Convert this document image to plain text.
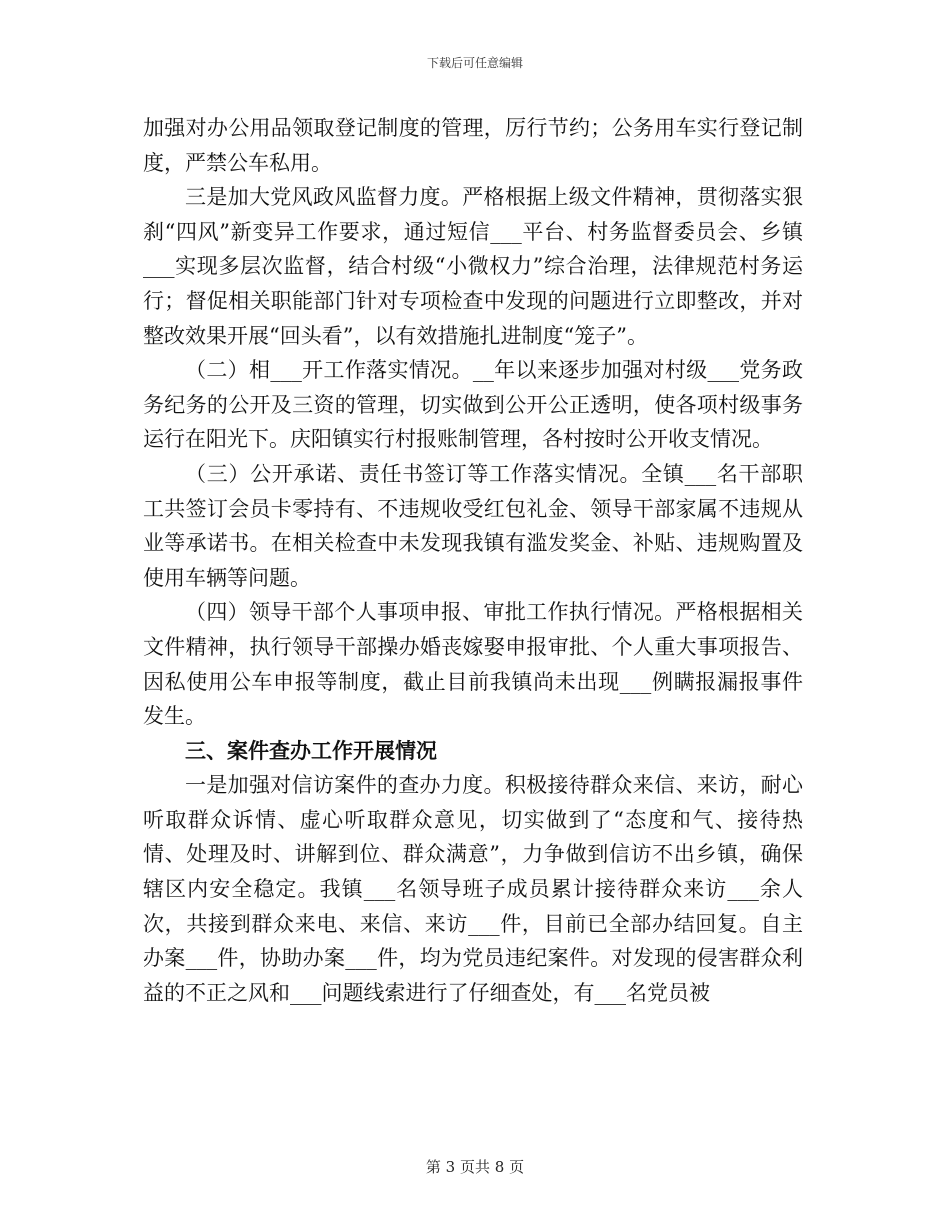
下载后可任意编辑

加强对办公用品领取登记制度的管理，厉行节约；公务用车实行登记制度，严禁公车私用。

三是加大党风政风监督力度。严格根据上级文件精神，贯彻落实狠刹“四风”新变异工作要求，通过短信___平台、村务监督委员会、乡镇___实现多层次监督，结合村级“小微权力”综合治理，法律规范村务运行；督促相关职能部门针对专项检查中发现的问题进行立即整改，并对整改效果开展“回头看”，以有效措施扎进制度“笼子”。

（二）相___开工作落实情况。__年以来逐步加强对村级___党务政务纪务的公开及三资的管理，切实做到公开公正透明，使各项村级事务运行在阳光下。庆阳镇实行村报账制管理，各村按时公开收支情况。

（三）公开承诺、责任书签订等工作落实情况。全镇___名干部职工共签订会员卡零持有、不违规收受红包礼金、领导干部家属不违规从业等承诺书。在相关检查中未发现我镇有滥发奖金、补贴、违规购置及使用车辆等问题。

（四）领导干部个人事项申报、审批工作执行情况。严格根据相关文件精神，执行领导干部操办婚丧嫁娶申报审批、个人重大事项报告、因私使用公车申报等制度，截止目前我镇尚未出现___例瞒报漏报事件发生。

三、案件查办工作开展情况

一是加强对信访案件的查办力度。积极接待群众来信、来访，耐心听取群众诉情、虚心听取群众意见，切实做到了“态度和气、接待热情、处理及时、讲解到位、群众满意”，力争做到信访不出乡镇，确保辖区内安全稳定。我镇___名领导班子成员累计接待群众来访___余人次，共接到群众来电、来信、来访___件，目前已全部办结回复。自主办案___件，协助办案___件，均为党员违纪案件。对发现的侵害群众利益的不正之风和___问题线索进行了仔细查处，有___名党员被

第 3 页共 8 页
